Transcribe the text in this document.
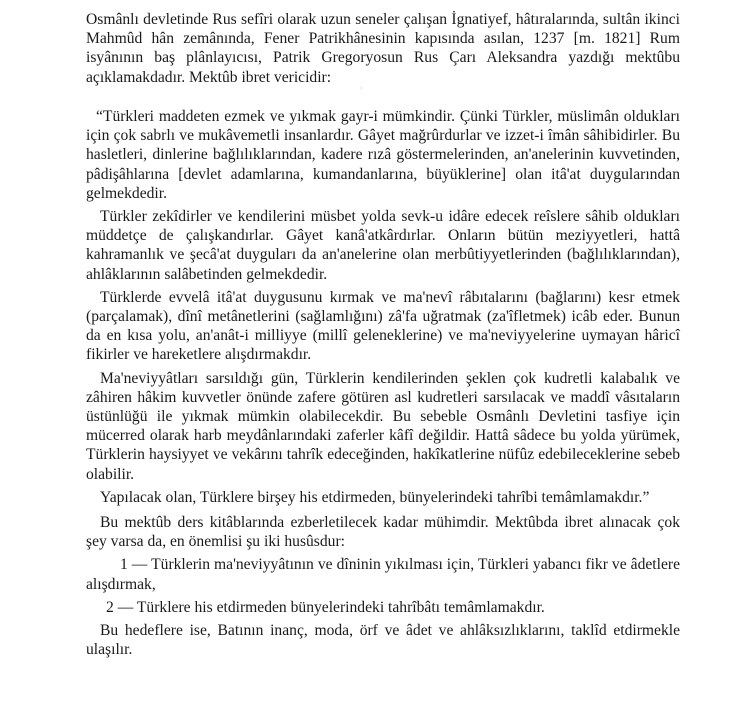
Osmânlı devletinde Rus sefîri olarak uzun seneler çalışan İgnatiyef, hâtıralarında, sultân ikinci Mahmûd hân zemânında, Fener Patrikhânesinin kapısında asılan, 1237 [m. 1821] Rum isyânının baş plânlayıcısı, Patrik Gregoryosun Rus Çarı Aleksandra yazdığı mektûbu açıklamakdadır. Mektûb ibret vericidir:
·

“Türkleri maddeten ezmek ve yıkmak gayr-i mümkindir. Çünki Türkler, müslimân oldukları için çok sabrlı ve mukâvemetli insanlardır. Gâyet mağrûrdurlar ve izzet-i îmân sâhibidirler. Bu hasletleri, dinlerine bağlılıklarından, kadere rızâ göstermelerinden, an'anelerinin kuvvetinden, pâdişâhlarına [devlet adamlarına, kumandanlarına, büyüklerine] olan itâ'at duygularından gelmekdedir.

Türkler zekîdirler ve kendilerini müsbet yolda sevk-u idâre edecek reîslere sâhib oldukları müddetçe de çalışkandırlar. Gâyet kanâ'atkârdırlar. Onların bütün meziyyetleri, hattâ kahramanlık ve şecâ'at duyguları da an'anelerine olan merbûtiyyetlerinden (bağlılıklarından), ahlâklarının salâbetinden gelmekdedir.

Türklerde evvelâ itâ'at duygusunu kırmak ve ma'nevî râbıtalarını (bağlarını) kesr etmek (parçalamak), dînî metânetlerini (sağlamlığını) zâ'fa uğratmak (za'îfletmek) icâb eder. Bunun da en kısa yolu, an'anât-i milliyye (millî geleneklerine) ve ma'neviyyelerine uymayan hâricî fikirler ve hareketlere alışdırmakdır.

Ma'neviyyâtları sarsıldığı gün, Türklerin kendilerinden şeklen çok kudretli kalabalık ve zâhiren hâkim kuvvetler önünde zafere götüren asl kudretleri sarsılacak ve maddî vâsıtaların üstünlüğü ile yıkmak mümkin olabilecekdir. Bu sebeble Osmânlı Devletini tasfiye için mücerred olarak harb meydânlarındaki zaferler kâfî değildir. Hattâ sâdece bu yolda yürümek, Türklerin haysiyyet ve vekârını tahrîk edeceğinden, hakîkatlerine nüfûz edebileceklerine sebeb olabilir.

Yapılacak olan, Türklere birşey his etdirmeden, bünyelerindeki tahrîbi temâmlamakdır.”

Bu mektûb ders kitâblarında ezberletilecek kadar mühimdir. Mektûbda ibret alınacak çok şey varsa da, en önemlisi şu iki husûsdur:

1 — Türklerin ma'neviyyâtının ve dîninin yıkılması için, Türkleri yabancı fikr ve âdetlere alışdırmak,

2 — Türklere his etdirmeden bünyelerindeki tahrîbâtı temâmlamakdır.

Bu hedeflere ise, Batının inanç, moda, örf ve âdet ve ahlâksızlıklarını, taklîd etdirmekle ulaşılır.
